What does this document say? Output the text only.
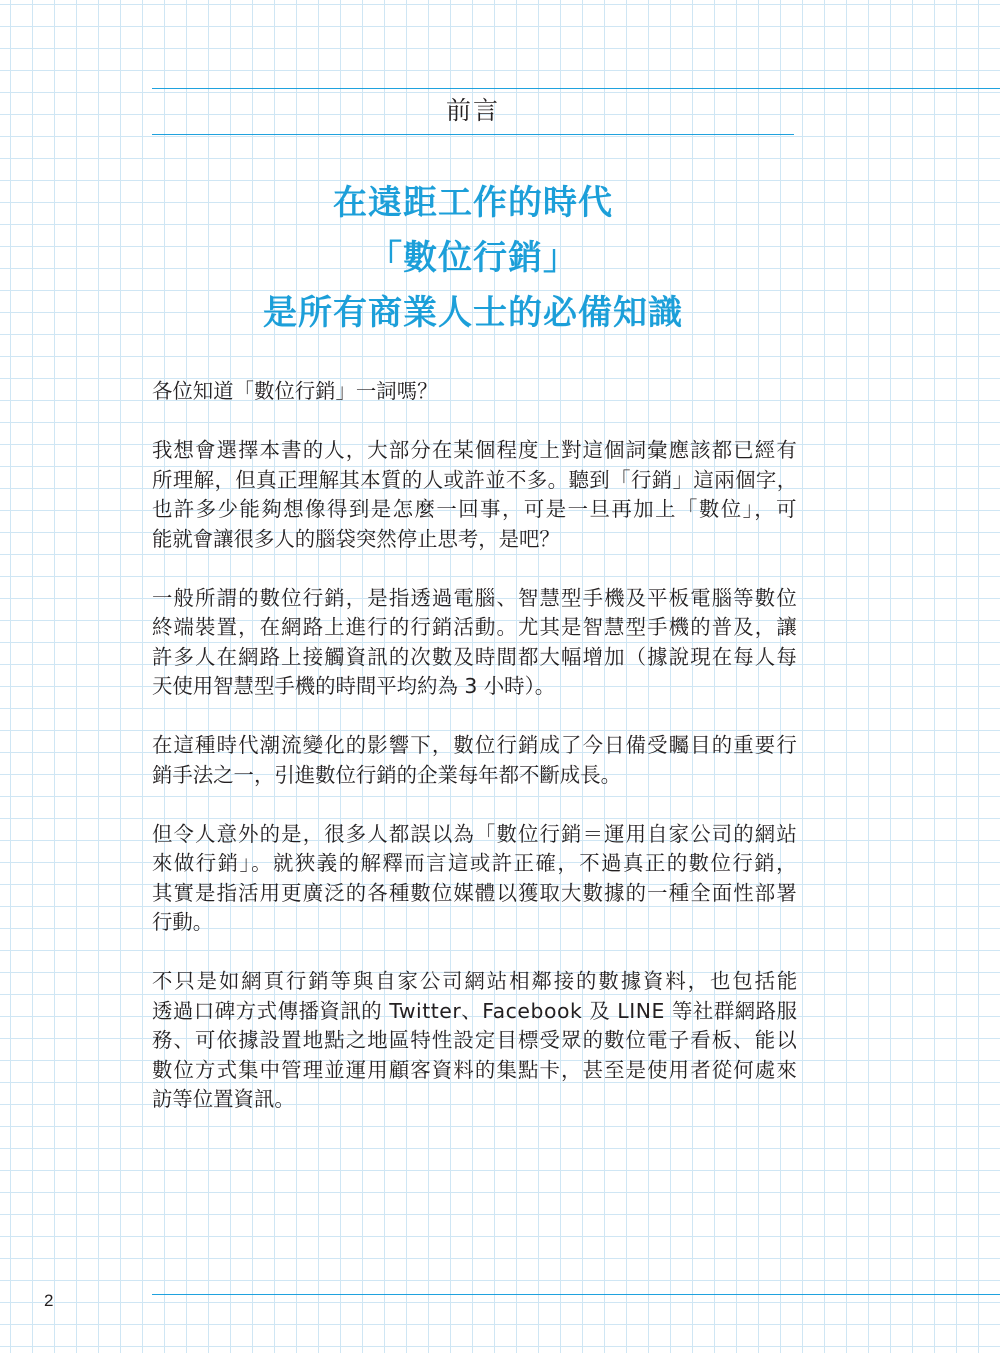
前言
在遠距工作的時代
「數位行銷」
是所有商業人士的必備知識

各位知道「數位行銷」一詞嗎？

我想會選擇本書的人，大部分在某個程度上對這個詞彙應該都已經有
所理解，但真正理解其本質的人或許並不多。聽到「行銷」這兩個字，
也許多少能夠想像得到是怎麼一回事，可是一旦再加上「數位」，可
能就會讓很多人的腦袋突然停止思考，是吧？

一般所謂的數位行銷，是指透過電腦、智慧型手機及平板電腦等數位
終端裝置，在網路上進行的行銷活動。尤其是智慧型手機的普及，讓
許多人在網路上接觸資訊的次數及時間都大幅增加（據說現在每人每
天使用智慧型手機的時間平均約為 3 小時）。

在這種時代潮流變化的影響下，數位行銷成了今日備受矚目的重要行
銷手法之一，引進數位行銷的企業每年都不斷成長。

但令人意外的是，很多人都誤以為「數位行銷＝運用自家公司的網站
來做行銷」。就狹義的解釋而言這或許正確，不過真正的數位行銷，
其實是指活用更廣泛的各種數位媒體以獲取大數據的一種全面性部署
行動。

不只是如網頁行銷等與自家公司網站相鄰接的數據資料，也包括能
透過口碑方式傳播資訊的 Twitter、Facebook 及 LINE 等社群網路服
務、可依據設置地點之地區特性設定目標受眾的數位電子看板、能以
數位方式集中管理並運用顧客資料的集點卡，甚至是使用者從何處來
訪等位置資訊。

2
